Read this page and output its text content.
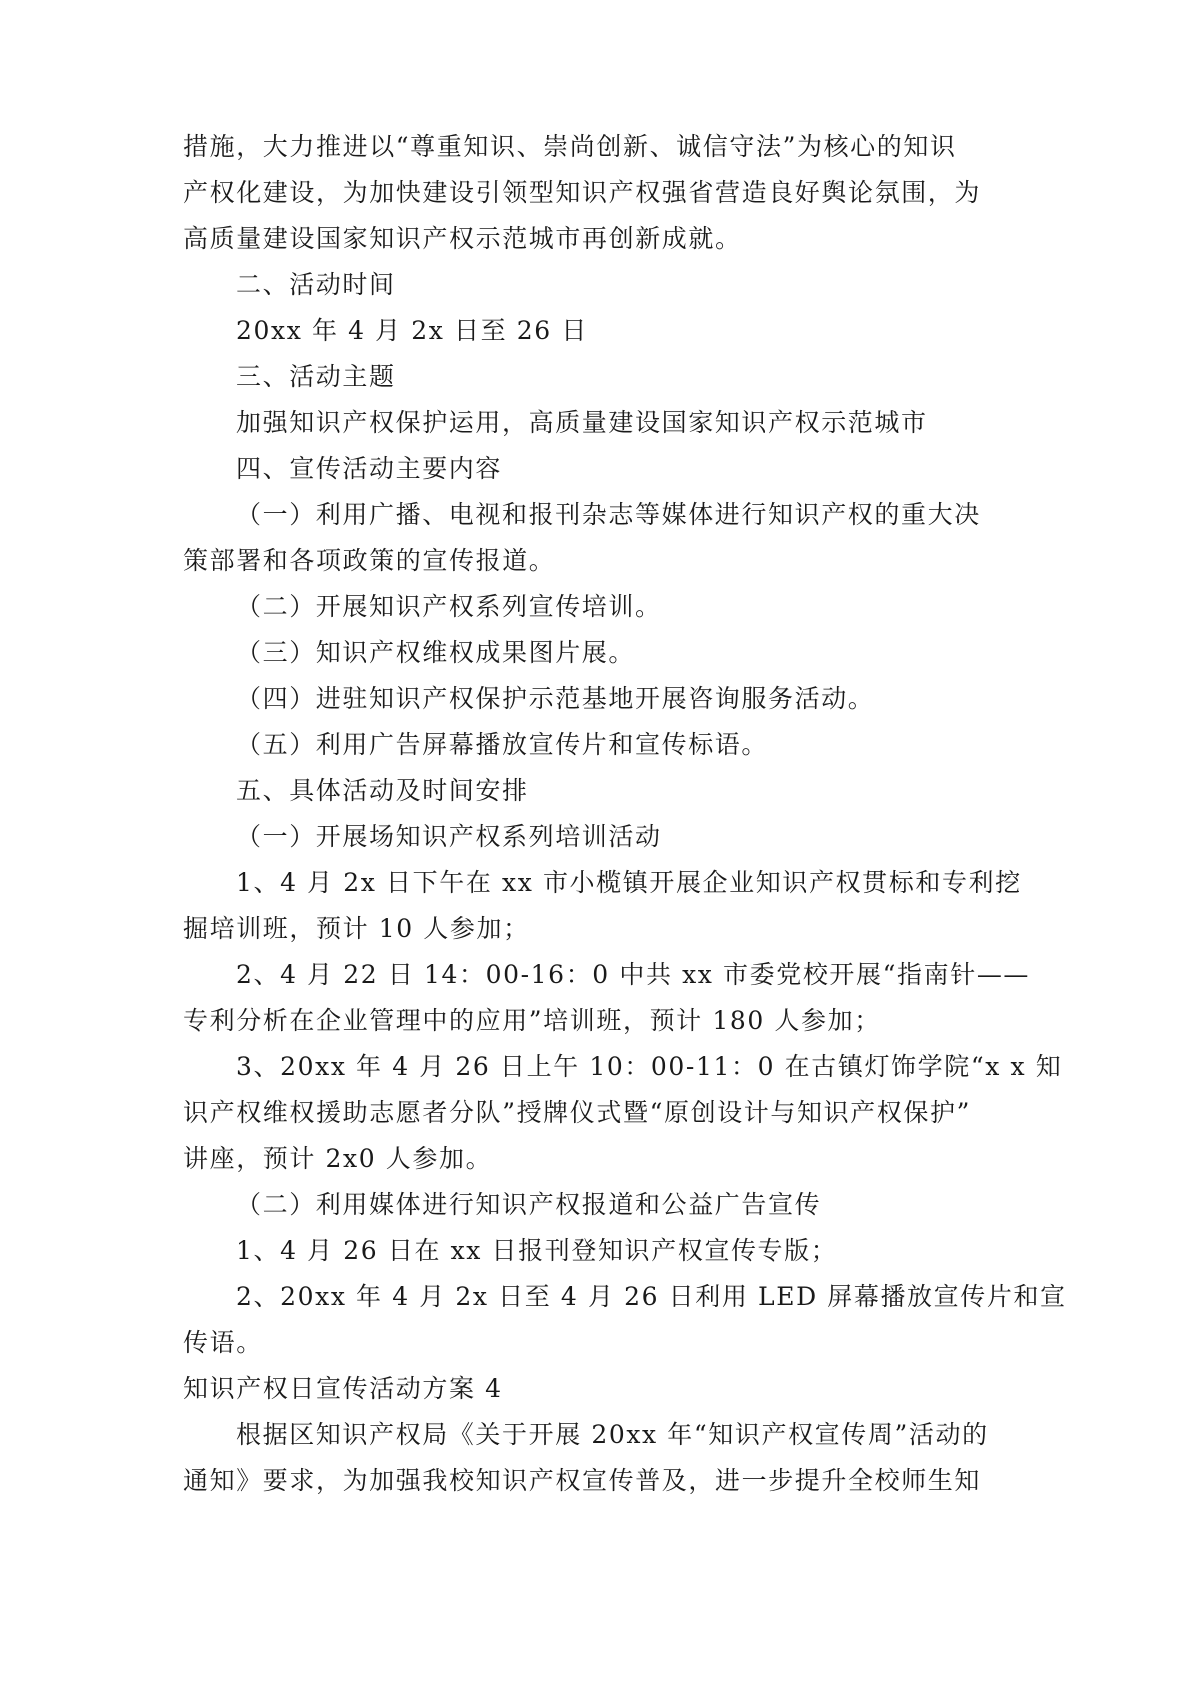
措施，大力推进以“尊重知识、崇尚创新、诚信守法”为核心的知识
产权化建设，为加快建设引领型知识产权强省营造良好舆论氛围，为
高质量建设国家知识产权示范城市再创新成就。
二、活动时间
20xx 年 4 月 2x 日至 26 日
三、活动主题
加强知识产权保护运用，高质量建设国家知识产权示范城市
四、宣传活动主要内容
（一）利用广播、电视和报刊杂志等媒体进行知识产权的重大决
策部署和各项政策的宣传报道。
（二）开展知识产权系列宣传培训。
（三）知识产权维权成果图片展。
（四）进驻知识产权保护示范基地开展咨询服务活动。
（五）利用广告屏幕播放宣传片和宣传标语。
五、具体活动及时间安排
（一）开展场知识产权系列培训活动
1、4 月 2x 日下午在 xx 市小榄镇开展企业知识产权贯标和专利挖
掘培训班，预计 10 人参加；
2、4 月 22 日 14：00-16：0 中共 xx 市委党校开展“指南针——
专利分析在企业管理中的应用”培训班，预计 180 人参加；
3、20xx 年 4 月 26 日上午 10：00-11：0 在古镇灯饰学院“x x 知
识产权维权援助志愿者分队”授牌仪式暨“原创设计与知识产权保护”
讲座，预计 2x0 人参加。
（二）利用媒体进行知识产权报道和公益广告宣传
1、4 月 26 日在 xx 日报刊登知识产权宣传专版；
2、20xx 年 4 月 2x 日至 4 月 26 日利用 LED 屏幕播放宣传片和宣
传语。
知识产权日宣传活动方案 4
根据区知识产权局《关于开展 20xx 年“知识产权宣传周”活动的
通知》要求，为加强我校知识产权宣传普及，进一步提升全校师生知
